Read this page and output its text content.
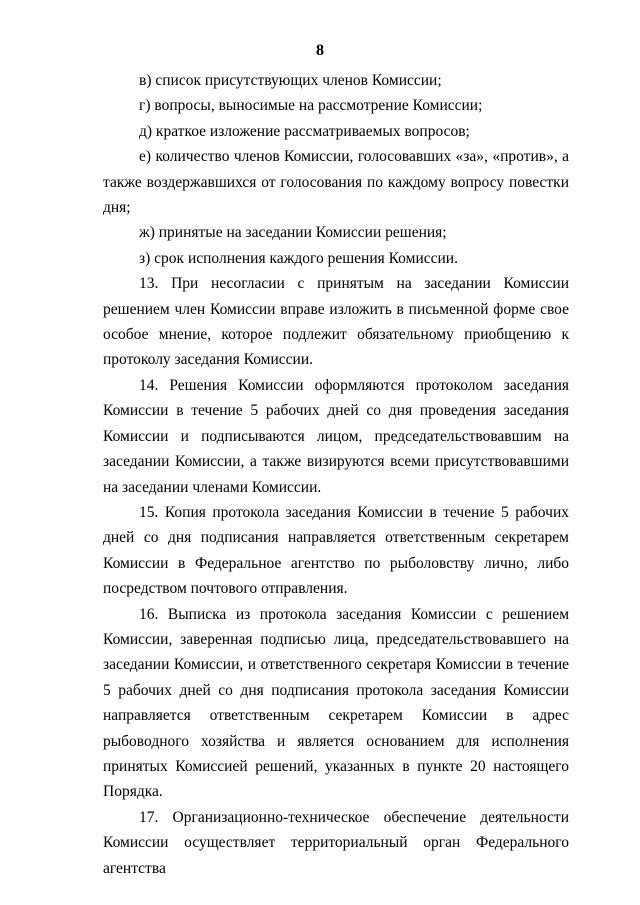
8

в) список присутствующих членов Комиссии;

г) вопросы, выносимые на рассмотрение Комиссии;

д) краткое изложение рассматриваемых вопросов;

е) количество членов Комиссии, голосовавших «за», «против», а также воздержавшихся от голосования по каждому вопросу повестки дня;

ж) принятые на заседании Комиссии решения;

з) срок исполнения каждого решения Комиссии.

13. При несогласии с принятым на заседании Комиссии решением член Комиссии вправе изложить в письменной форме свое особое мнение, которое подлежит обязательному приобщению к протоколу заседания Комиссии.

14. Решения Комиссии оформляются протоколом заседания Комиссии в течение 5 рабочих дней со дня проведения заседания Комиссии и подписываются лицом, председательствовавшим на заседании Комиссии, а также визируются всеми присутствовавшими на заседании членами Комиссии.

15. Копия протокола заседания Комиссии в течение 5 рабочих дней со дня подписания направляется ответственным секретарем Комиссии в Федеральное агентство по рыболовству лично, либо посредством почтового отправления.

16. Выписка из протокола заседания Комиссии с решением Комиссии, заверенная подписью лица, председательствовавшего на заседании Комиссии, и ответственного секретаря Комиссии в течение 5 рабочих дней со дня подписания протокола заседания Комиссии направляется ответственным секретарем Комиссии в адрес рыбоводного хозяйства и является основанием для исполнения принятых Комиссией решений, указанных в пункте 20 настоящего Порядка.

17. Организационно-техническое обеспечение деятельности Комиссии осуществляет территориальный орган Федерального агентства
